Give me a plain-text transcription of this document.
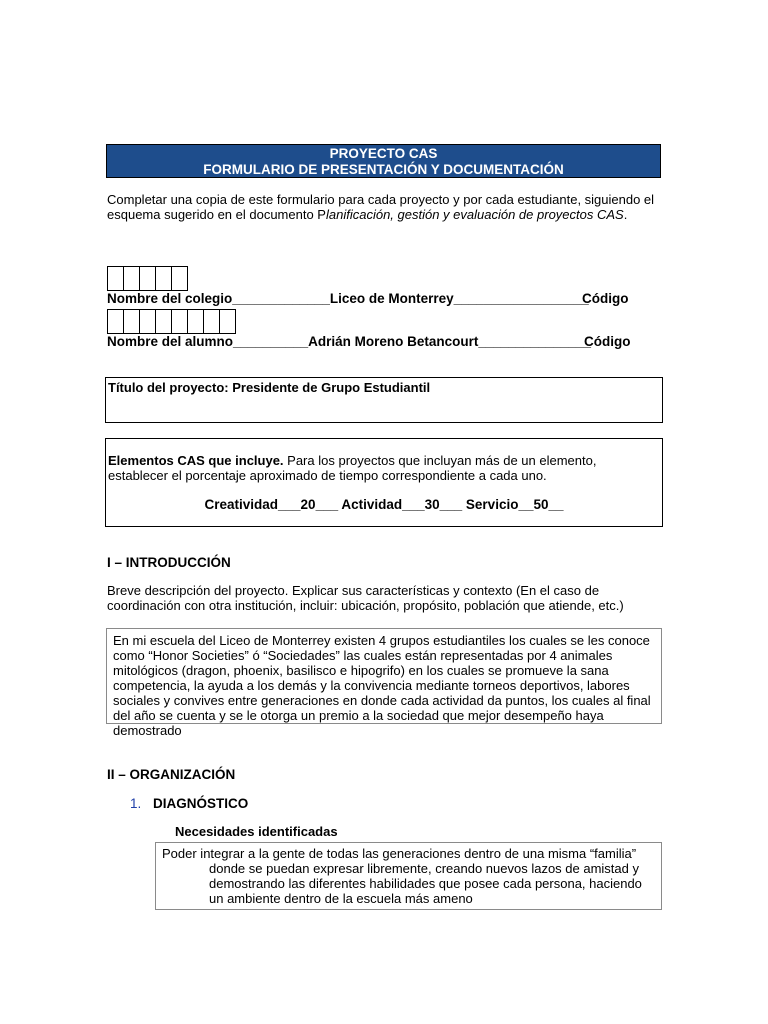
PROYECTO CAS
FORMULARIO DE PRESENTACIÓN Y DOCUMENTACIÓN
Completar una copia de este formulario para cada proyecto y por cada estudiante, siguiendo el esquema sugerido en el documento Planificación, gestión y evaluación de proyectos CAS.
Nombre del colegio_____________Liceo de Monterrey__________________
Código
Nombre del alumno__________Adrián Moreno Betancourt_______________
Código
Título del proyecto: Presidente de Grupo Estudiantil
Elementos CAS que incluye. Para los proyectos que incluyan más de un elemento, establecer el porcentaje aproximado de tiempo correspondiente a cada uno.
Creatividad___20___ Actividad___30___ Servicio__50__
I – INTRODUCCIÓN
Breve descripción del proyecto. Explicar sus características y contexto (En el caso de coordinación con otra institución, incluir: ubicación, propósito, población que atiende, etc.)
En mi escuela del Liceo de Monterrey existen 4 grupos estudiantiles los cuales se les conoce como “Honor Societies” ó “Sociedades” las cuales están representadas por 4 animales mitológicos (dragon, phoenix, basilisco e hipogrifo) en los cuales se promueve la sana competencia, la ayuda a los demás y la convivencia mediante torneos deportivos, labores sociales y convives entre generaciones en donde cada actividad da puntos, los cuales al final del año se cuenta y se le otorga un premio a la sociedad que mejor desempeño haya demostrado
II – ORGANIZACIÓN
1. DIAGNÓSTICO
Necesidades identificadas
Poder integrar a la gente de todas las generaciones dentro de una misma “familia” donde se puedan expresar libremente, creando nuevos lazos de amistad y demostrando las diferentes habilidades que posee cada persona, haciendo un ambiente dentro de la escuela más ameno
